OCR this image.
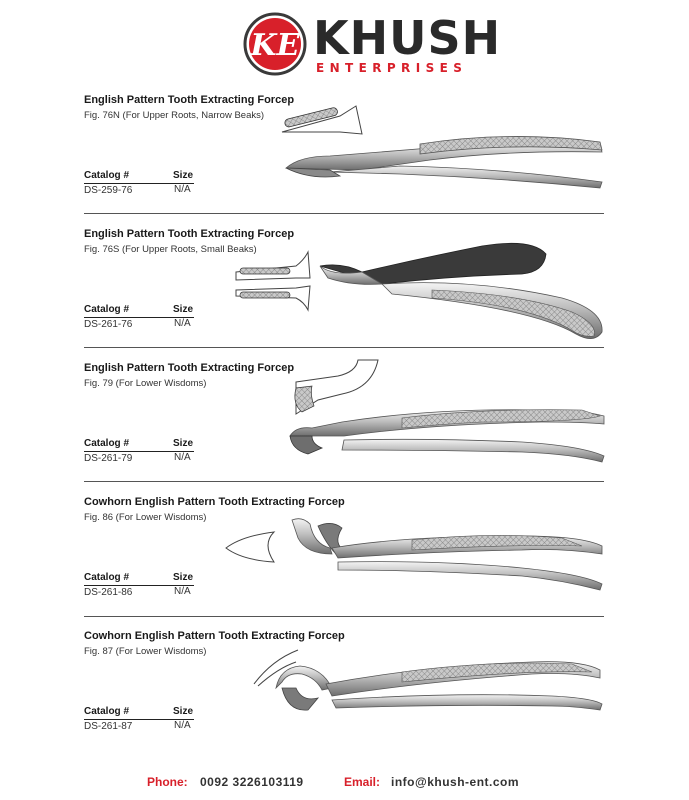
KE KHUSH
ENTERPRISES
English Pattern Tooth Extracting Forcep
Fig. 76N (For Upper Roots, Narrow Beaks)
Catalog #	Size
DS-259-76	N/A
English Pattern Tooth Extracting Forcep
Fig. 76S (For Upper Roots, Small Beaks)
Catalog #	Size
DS-261-76	N/A
English Pattern Tooth Extracting Forcep
Fig. 79 (For Lower Wisdoms)
Catalog #	Size
DS-261-79	N/A
Cowhorn English Pattern Tooth Extracting Forcep
Fig. 86 (For Lower Wisdoms)
Catalog #	Size
DS-261-86	N/A
Cowhorn English Pattern Tooth Extracting Forcep
Fig. 87 (For Lower Wisdoms)
Catalog #	Size
DS-261-87	N/A
Phone: 0092 3226103119	Email: info@khush-ent.com
